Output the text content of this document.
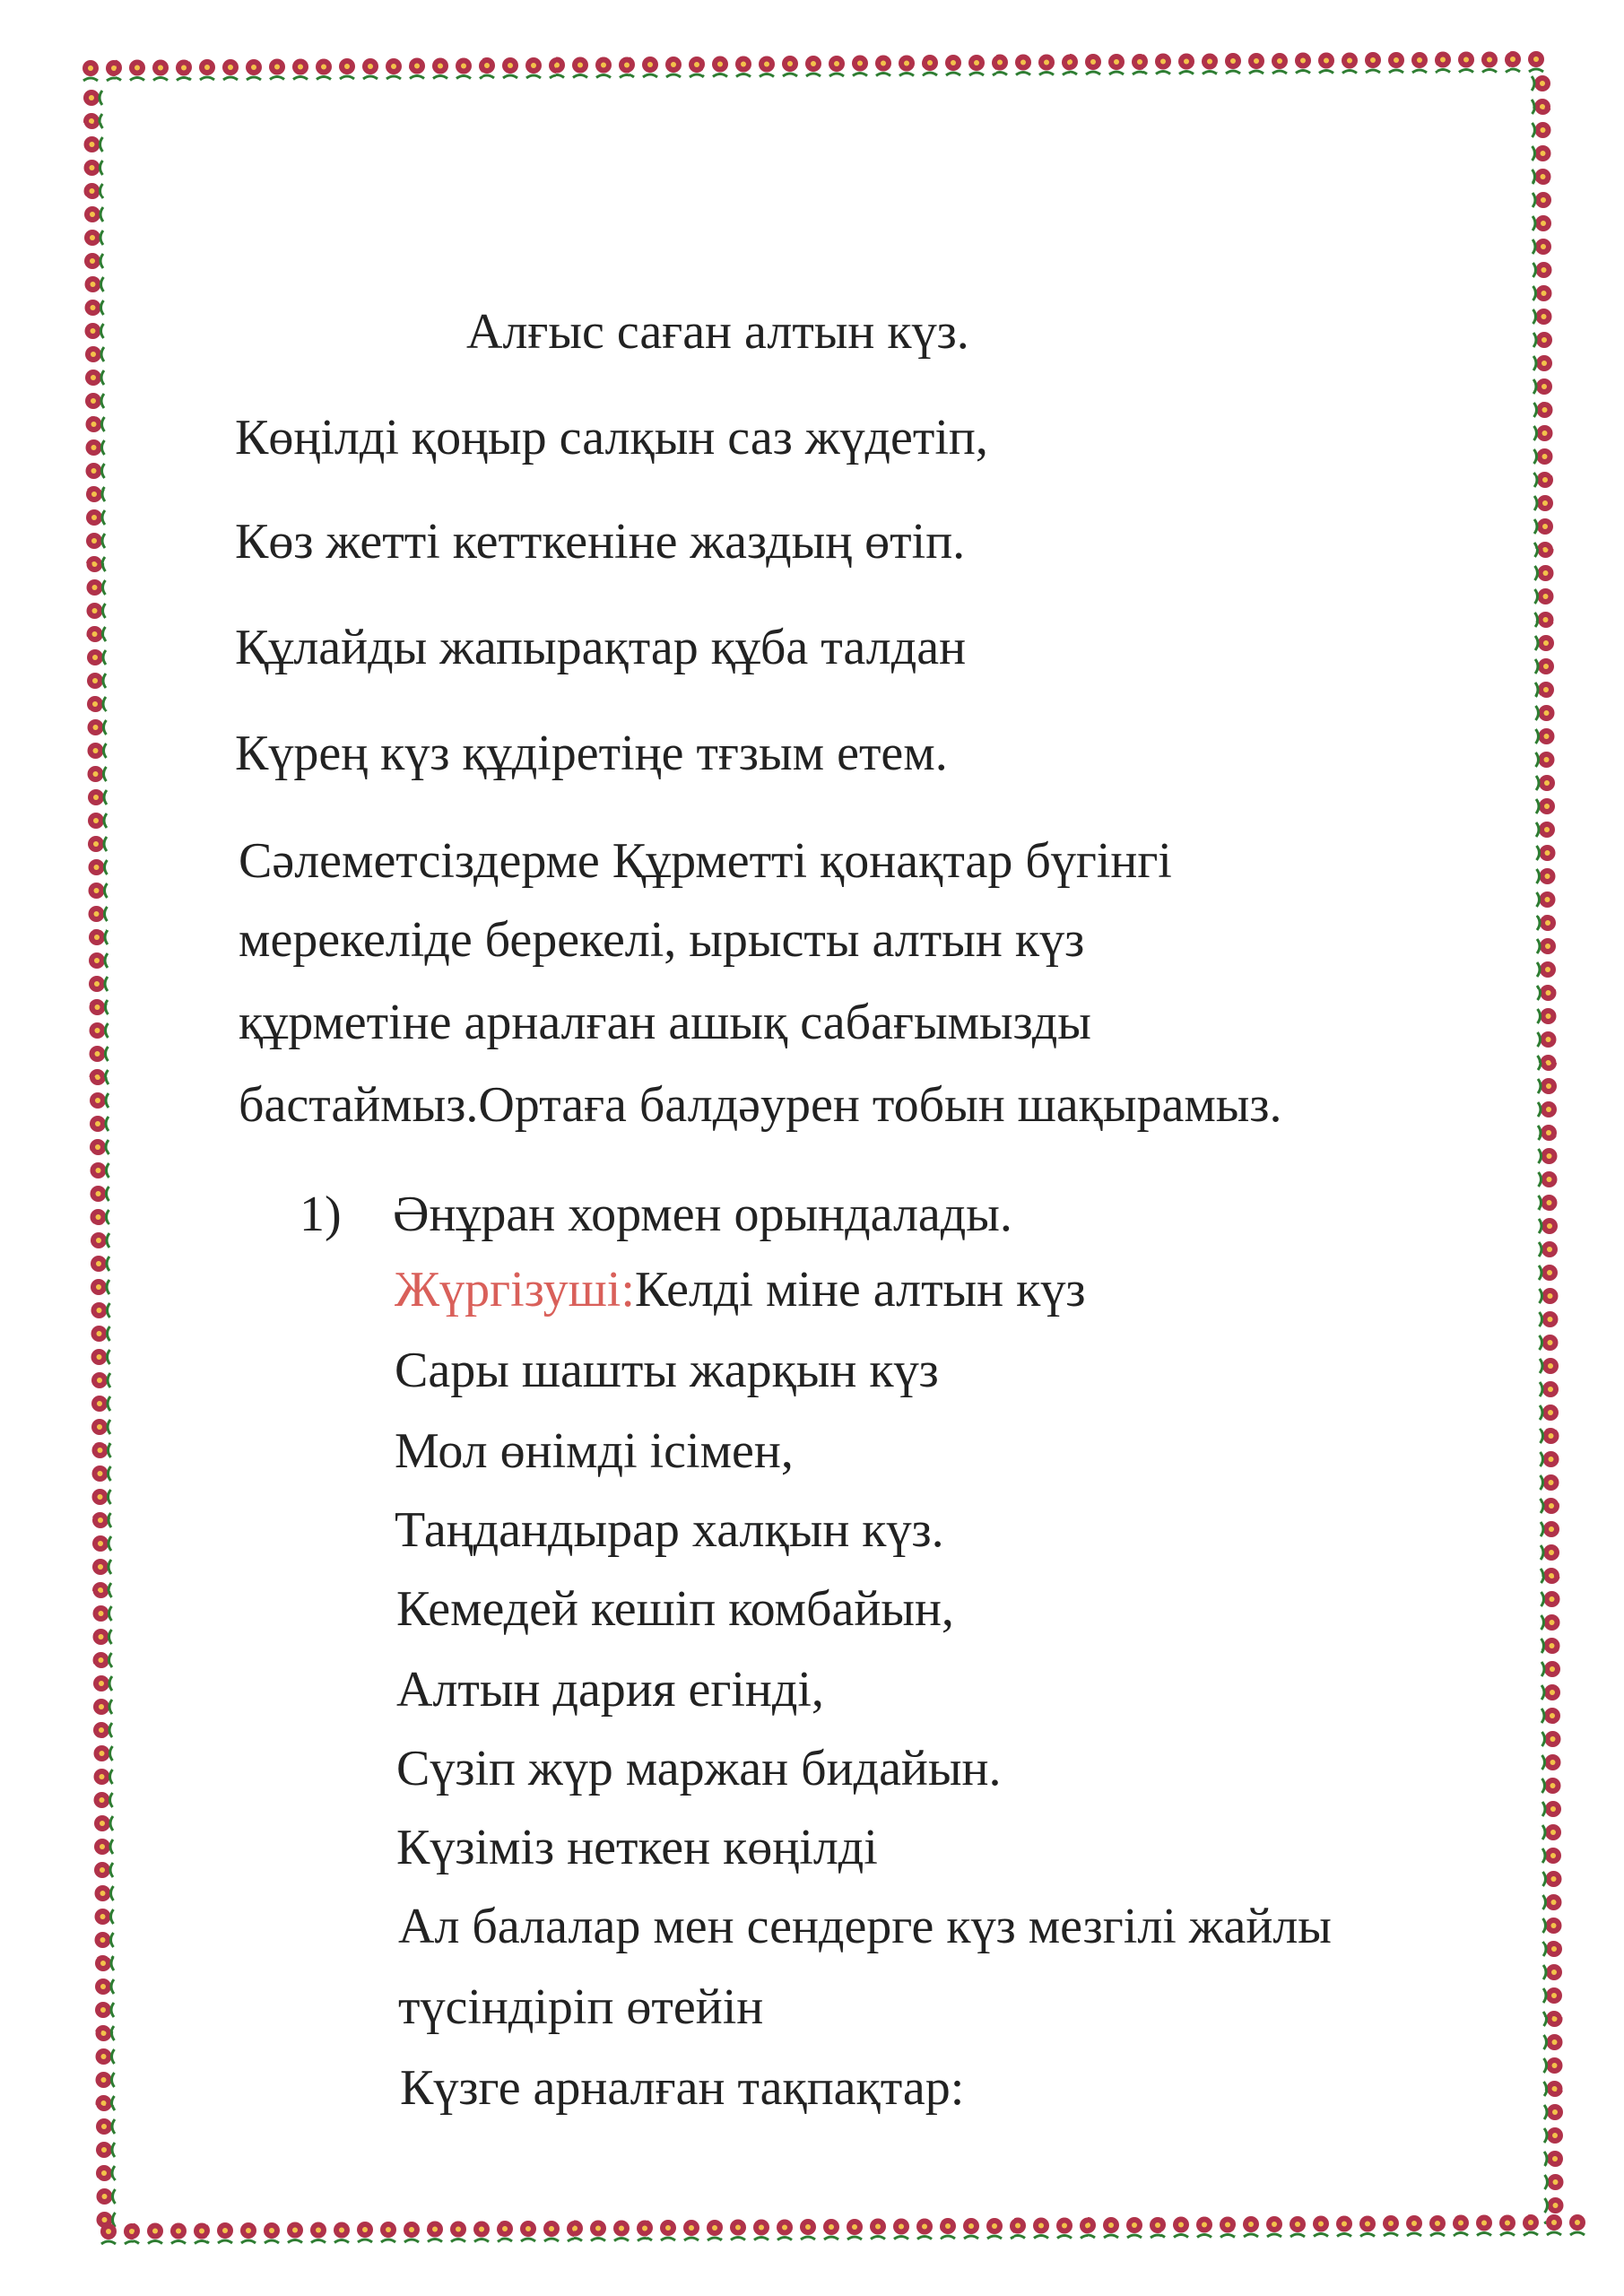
Алғыс саған алтын күз.
Көңілді қоңыр салқын саз жүдетіп,
Көз жетті кетткеніне жаздың өтіп.
Құлайды жапырақтар құба талдан
Күрең күз құдіретіңе тғзым етем.
Сәлеметсіздерме Құрметті қонақтар бүгінгі
мерекеліде берекелі, ырысты алтын күз
құрметіне арналған ашық сабағымызды
бастаймыз.Ортаға балдәурен тобын шақырамыз.
1) Әнұран хормен орындалады.
Жүргізуші:Келді міне алтын күз
Сары шашты жарқын күз
Мол өнімді ісімен,
Таңдандырар халқын күз.
Кемедей кешіп комбайын,
Алтын дария егінді,
Сүзіп жүр маржан бидайын.
Күзіміз неткен көңілді
Ал балалар мен сендерге күз мезгілі жайлы
түсіндіріп өтейін
Күзге арналған тақпақтар:
